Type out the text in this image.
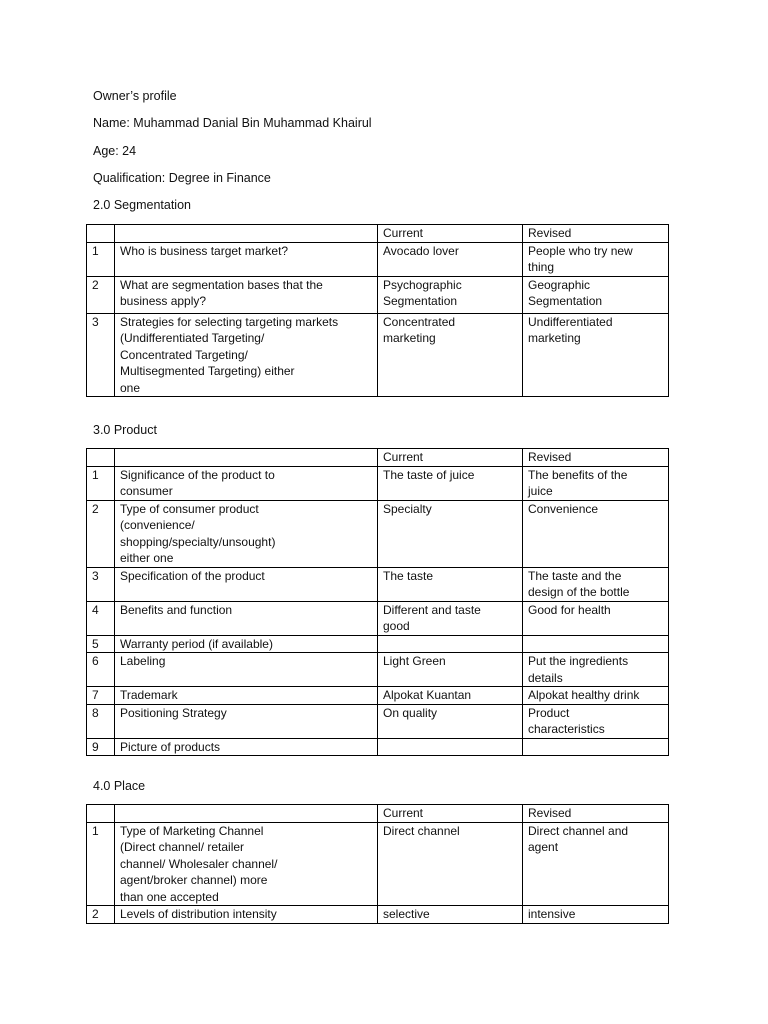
Owner’s profile
Name: Muhammad Danial Bin Muhammad Khairul
Age: 24
Qualification: Degree in Finance
2.0 Segmentation
		Current	Revised
1	Who is business target market?	Avocado lover	People who try new
thing
2	What are segmentation bases that the
business apply?	Psychographic
Segmentation	Geographic
Segmentation
3	Strategies for selecting targeting markets
(Undifferentiated Targeting/
Concentrated Targeting/
Multisegmented Targeting) either
one	Concentrated
marketing	Undifferentiated
marketing
3.0 Product
		Current	Revised
1	Significance of the product to
consumer	The taste of juice	The benefits of the
juice
2	Type of consumer product
(convenience/
shopping/specialty/unsought)
either one	Specialty	Convenience
3	Specification of the product	The taste	The taste and the
design of the bottle
4	Benefits and function	Different and taste
good	Good for health
5	Warranty period (if available)		
6	Labeling	Light Green	Put the ingredients
details
7	Trademark	Alpokat Kuantan	Alpokat healthy drink
8	Positioning Strategy	On quality	Product
characteristics
9	Picture of products		
4.0 Place
		Current	Revised
1	Type of Marketing Channel
(Direct channel/ retailer
channel/ Wholesaler channel/
agent/broker channel) more
than one accepted	Direct channel	Direct channel and
agent
2	Levels of distribution intensity	selective	intensive
